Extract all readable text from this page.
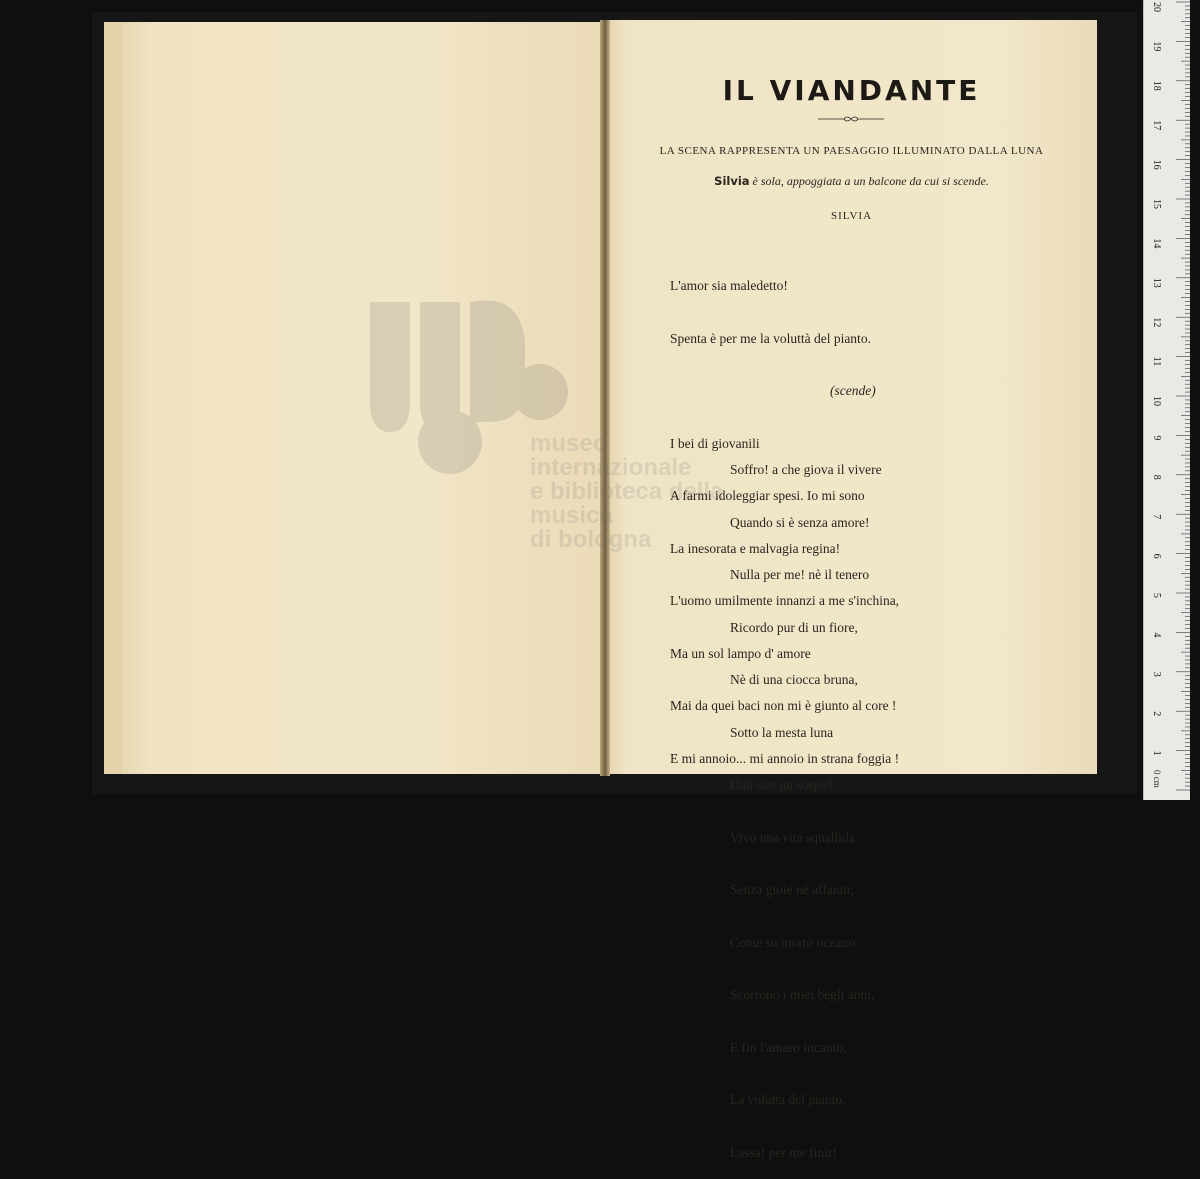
IL VIANDANTE
LA SCENA RAPPRESENTA UN PAESAGGIO ILLUMINATO DALLA LUNA
Silvia è sola, appoggiata a un balcone da cui si scende.
SILVIA

L'amor sia maledetto!

Spenta è per me la voluttà del pianto.

(scende)

I bei di giovanili

A farmi idoleggiar spesi. Io mi sono

La inesorata e malvagia regina!

L'uomo umilmente innanzi a me s'inchina,

Ma un sol lampo d' amore

Mai da quei baci non mi è giunto al core !

E mi annoio... mi annoio in strana foggia !

Soffro! a che giova il vivere

Quando si è senza amore!

Nulla per me! nè il tenero

Ricordo pur di un fiore,

Nè di una ciocca bruna,

Sotto la mesta luna

Dati con un sospir!

Vivo una vita squallida

Senza gioie nè affanni;

Come su morto oceano

Scorrono i miei begli anni,

E fin l'amaro incanto,

La voluttà del pianto,

Lassa! per me finir!

1
2
3
4
5
6
7
8
9
10
11
12
13
14
15
16
17
18
19
20
0 cm
